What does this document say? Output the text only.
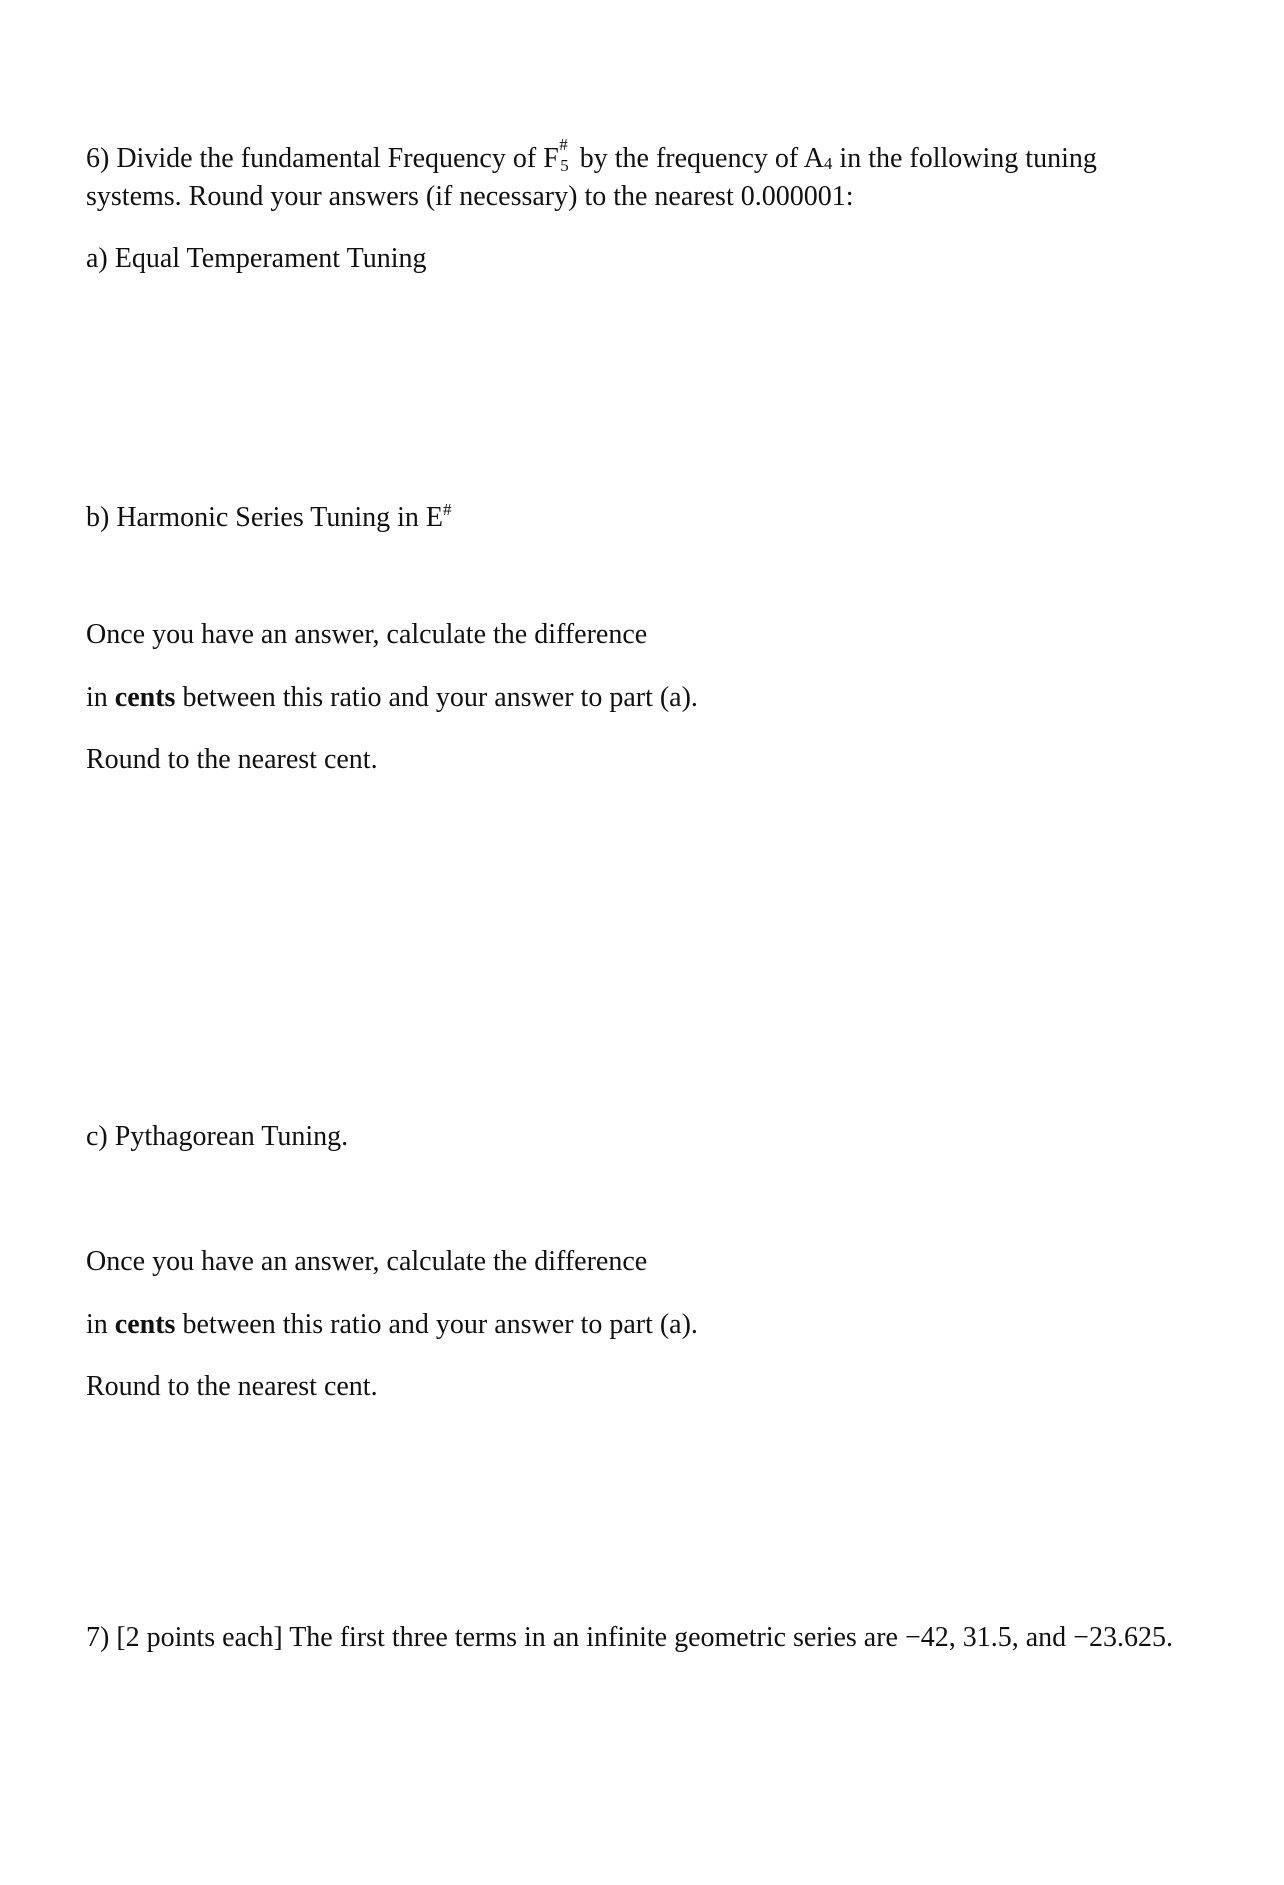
6) Divide the fundamental Frequency of F #
5 by the frequency of A4 in the following tuning
systems. Round your answers (if necessary) to the nearest 0.000001:
a) Equal Temperament Tuning
b) Harmonic Series Tuning in E#
Once you have an answer, calculate the difference
in cents between this ratio and your answer to part (a).
Round to the nearest cent.
c) Pythagorean Tuning.
Once you have an answer, calculate the difference
in cents between this ratio and your answer to part (a).
Round to the nearest cent.
7) [2 points each] The first three terms in an infinite geometric series are −42, 31.5, and −23.625.
